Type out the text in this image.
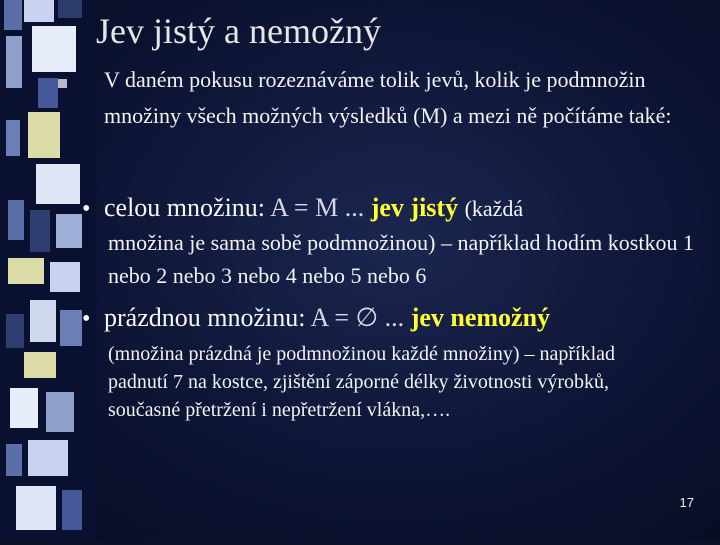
Jev jistý a nemožný
V daném pokusu rozeznáváme tolik jevů, kolik je podmnožin množiny všech možných výsledků (M) a mezi ně počítáme také:
• celou množinu: A = M ... jev jistý (každá
množina je sama sobě podmnožinou) – například hodím kostkou 1 nebo 2 nebo 3 nebo 4 nebo 5 nebo 6
• prázdnou množinu: A = ∅ ... jev nemožný
(množina prázdná je podmnožinou každé množiny) – například padnutí 7 na kostce, zjištění záporné délky životnosti výrobků, současné přetržení i nepřetržení vlákna,….
17
